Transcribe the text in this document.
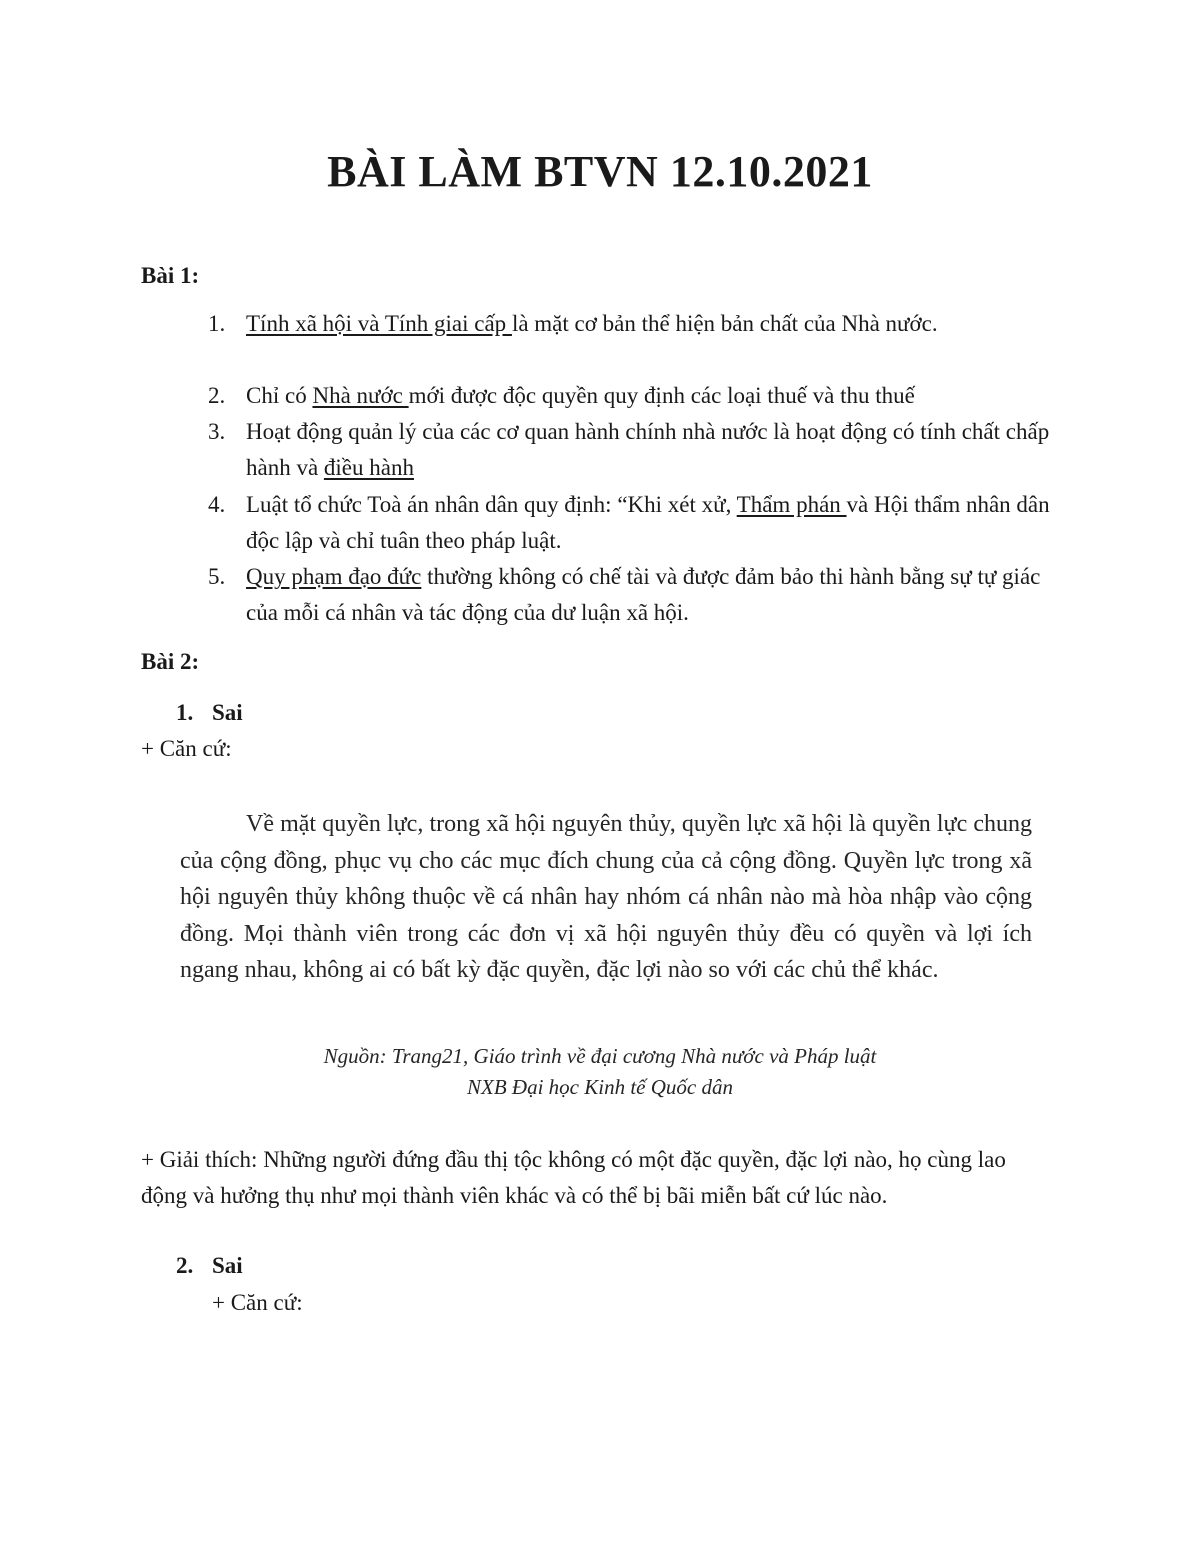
BÀI LÀM BTVN 12.10.2021
Bài 1:
1. Tính xã hội và Tính giai cấp là mặt cơ bản thể hiện bản chất của Nhà nước.
2. Chỉ có Nhà nước mới được độc quyền quy định các loại thuế và thu thuế
3. Hoạt động quản lý của các cơ quan hành chính nhà nước là hoạt động có tính chất chấp hành và điều hành
4. Luật tổ chức Toà án nhân dân quy định: “Khi xét xử, Thẩm phán và Hội thẩm nhân dân độc lập và chỉ tuân theo pháp luật.
5. Quy phạm đạo đức thường không có chế tài và được đảm bảo thi hành bằng sự tự giác của mỗi cá nhân và tác động của dư luận xã hội.
Bài 2:
1. Sai
+ Căn cứ:
Về mặt quyền lực, trong xã hội nguyên thủy, quyền lực xã hội là quyền lực chung của cộng đồng, phục vụ cho các mục đích chung của cả cộng đồng. Quyền lực trong xã hội nguyên thủy không thuộc về cá nhân hay nhóm cá nhân nào mà hòa nhập vào cộng đồng. Mọi thành viên trong các đơn vị xã hội nguyên thủy đều có quyền và lợi ích ngang nhau, không ai có bất kỳ đặc quyền, đặc lợi nào so với các chủ thể khác.
Nguồn: Trang21, Giáo trình về đại cương Nhà nước và Pháp luật
NXB Đại học Kinh tế Quốc dân
+ Giải thích: Những người đứng đầu thị tộc không có một đặc quyền, đặc lợi nào, họ cùng lao động và hưởng thụ như mọi thành viên khác và có thể bị bãi miễn bất cứ lúc nào.
2. Sai
+ Căn cứ:
